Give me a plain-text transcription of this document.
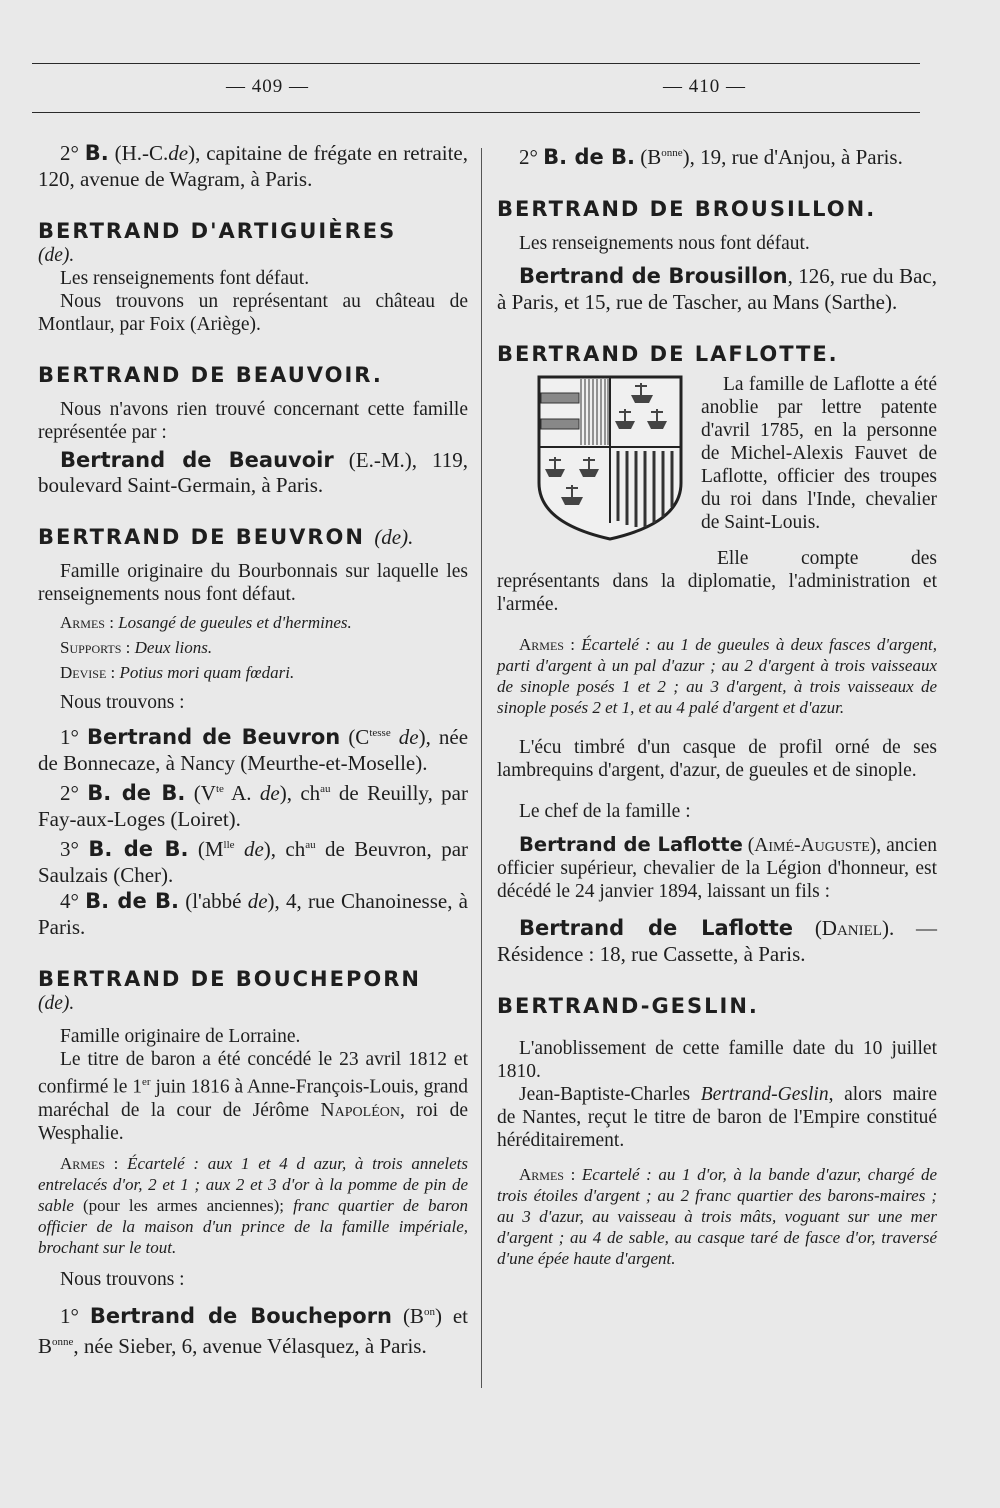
— 409 —	— 410 —

2° B. (H.-C.de), capitaine de frégate en retraite, 120, avenue de Wagram, à Paris.

BERTRAND D'ARTIGUIÈRES

(de).

Les renseignements font défaut.

Nous trouvons un représentant au château de Montlaur, par Foix (Ariège).

BERTRAND DE BEAUVOIR.

Nous n'avons rien trouvé concernant cette famille représentée par :

Bertrand de Beauvoir (E.-M.), 119, boulevard Saint-Germain, à Paris.

BERTRAND DE BEUVRON (de).

Famille originaire du Bourbonnais sur laquelle les renseignements nous font défaut.

Armes : Losangé de gueules et d'hermines.

Supports : Deux lions.

Devise : Potius mori quam fœdari.

Nous trouvons :

1° Bertrand de Beuvron ($C^{tesse}$ de), née de Bonnecaze, à Nancy (Meurthe-et-Moselle).

2° B. de B. ($V^{te}$ A. de), $ch^{au}$ de Reuilly, par Fay-aux-Loges (Loiret).

3° B. de B. ($M^{lle}$ de), $ch^{au}$ de Beuvron, par Saulzais (Cher).

4° B. de B. (l'abbé de), 4, rue Chanoinesse, à Paris.

BERTRAND DE BOUCHEPORN

(de).

Famille originaire de Lorraine.

Le titre de baron a été concédé le 23 avril 1812 et confirmé le 1er juin 1816 à Anne-François-Louis, grand maréchal de la cour de Jérôme Napoléon, roi de Wesphalie.

Armes : Écartelé : aux 1 et 4 d azur, à trois annelets entrelacés d'or, 2 et 1 ; aux 2 et 3 d'or à la pomme de pin de sable (pour les armes anciennes); franc quartier de baron officier de la maison d'un prince de la famille impériale, brochant sur le tout.

Nous trouvons :

1° Bertrand de Boucheporn $(B^{on})$ et $B^{onne}$, née Sieber, 6, avenue Vélasquez, à Paris.

2° B. de B. $(B^{onne})$, 19, rue d'Anjou, à Paris.

BERTRAND DE BROUSILLON.

Les renseignements nous font défaut.

Bertrand de Brousillon, 126, rue du Bac, à Paris, et 15, rue de Tascher, au Mans (Sarthe).

BERTRAND DE LAFLOTTE.

La famille de Laflotte a été anoblie par lettre patente d'avril 1785, en la personne de Michel-Alexis Fauvet de Laflotte, officier des troupes du roi dans l'Inde, chevalier de Saint-Louis.

Elle compte des représentants dans la diplomatie, l'administration et l'armée.

Armes : Écartelé : au 1 de gueules à deux fasces d'argent, parti d'argent à un pal d'azur ; au 2 d'argent à trois vaisseaux de sinople posés 1 et 2 ; au 3 d'argent, à trois vaisseaux de sinople posés 2 et 1, et au 4 palé d'argent et d'azur.

L'écu timbré d'un casque de profil orné de ses lambrequins d'argent, d'azur, de gueules et de sinople.

Le chef de la famille :

Bertrand de Laflotte (Aimé-Auguste), ancien officier supérieur, chevalier de la Légion d'honneur, est décédé le 24 janvier 1894, laissant un fils :

Bertrand de Laflotte (Daniel). — Résidence : 18, rue Cassette, à Paris.

BERTRAND-GESLIN.

L'anoblissement de cette famille date du 10 juillet 1810.

Jean-Baptiste-Charles Bertrand-Geslin, alors maire de Nantes, reçut le titre de baron de l'Empire constitué héréditairement.

Armes : Ecartelé : au 1 d'or, à la bande d'azur, chargé de trois étoiles d'argent ; au 2 franc quartier des barons-maires ; au 3 d'azur, au vaisseau à trois mâts, voguant sur une mer d'argent ; au 4 de sable, au casque taré de fasce d'or, traversé d'une épée haute d'argent.
